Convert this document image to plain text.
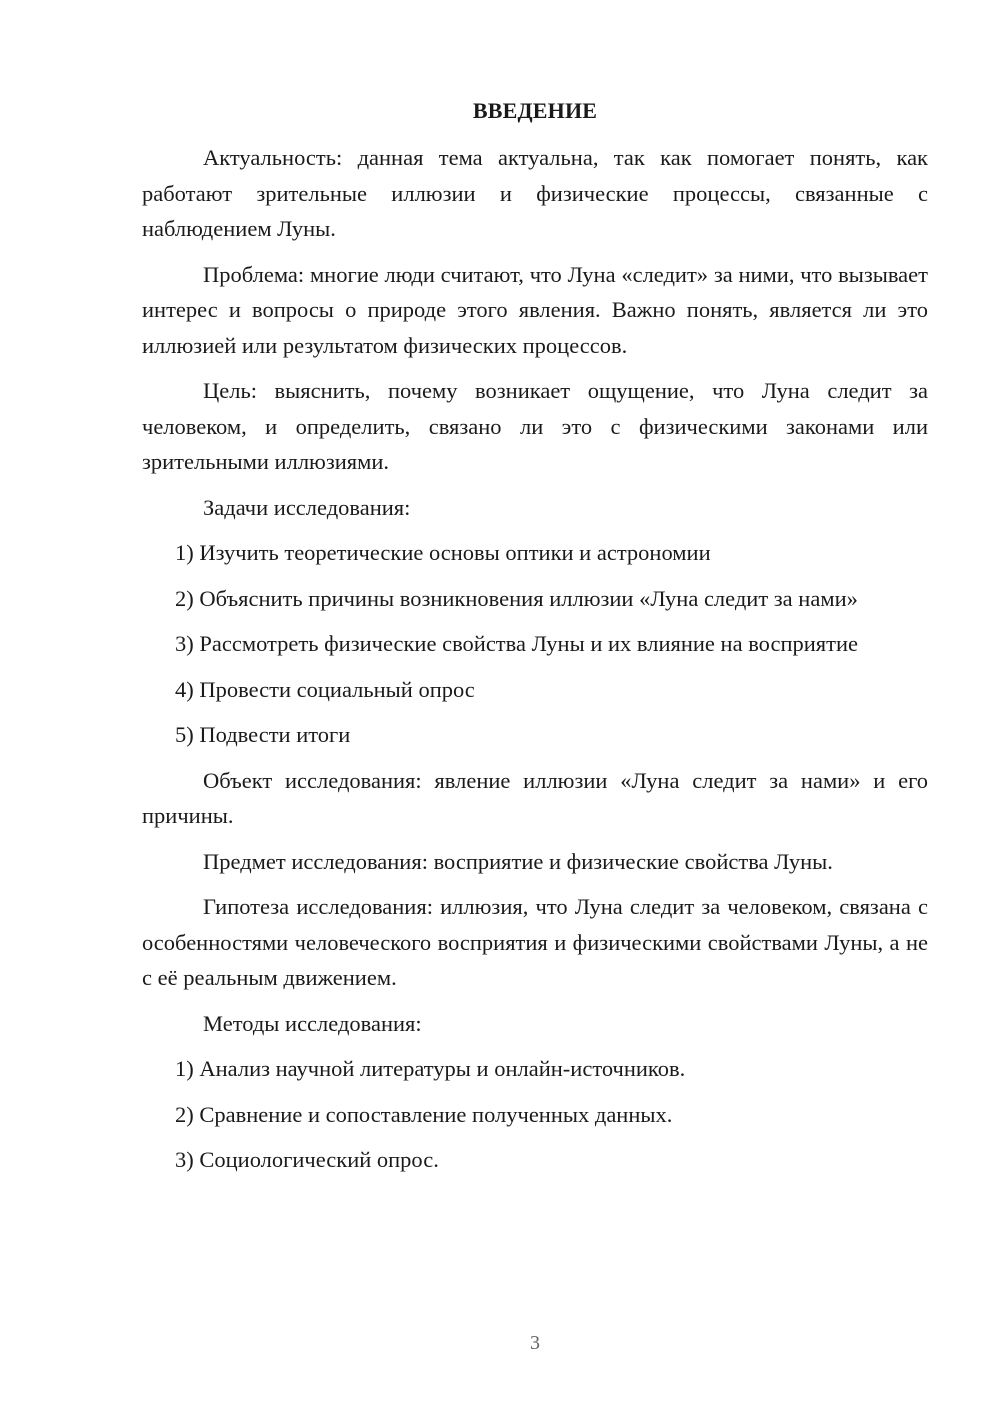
ВВЕДЕНИЕ

Актуальность: данная тема актуальна, так как помогает понять, как работают зрительные иллюзии и физические процессы, связанные с наблюдением Луны.

Проблема: многие люди считают, что Луна «следит» за ними, что вызывает интерес и вопросы о природе этого явления. Важно понять, является ли это иллюзией или результатом физических процессов.

Цель: выяснить, почему возникает ощущение, что Луна следит за человеком, и определить, связано ли это с физическими законами или зрительными иллюзиями.

Задачи исследования:

1) Изучить теоретические основы оптики и астрономии

2) Объяснить причины возникновения иллюзии «Луна следит за нами»

3) Рассмотреть физические свойства Луны и их влияние на восприятие

4) Провести социальный опрос

5) Подвести итоги

Объект исследования: явление иллюзии «Луна следит за нами» и его причины.

Предмет исследования: восприятие и физические свойства Луны.

Гипотеза исследования: иллюзия, что Луна следит за человеком, связана с особенностями человеческого восприятия и физическими свойствами Луны, а не с её реальным движением.

Методы исследования:

1) Анализ научной литературы и онлайн-источников.

2) Сравнение и сопоставление полученных данных.

3) Социологический опрос.

3
